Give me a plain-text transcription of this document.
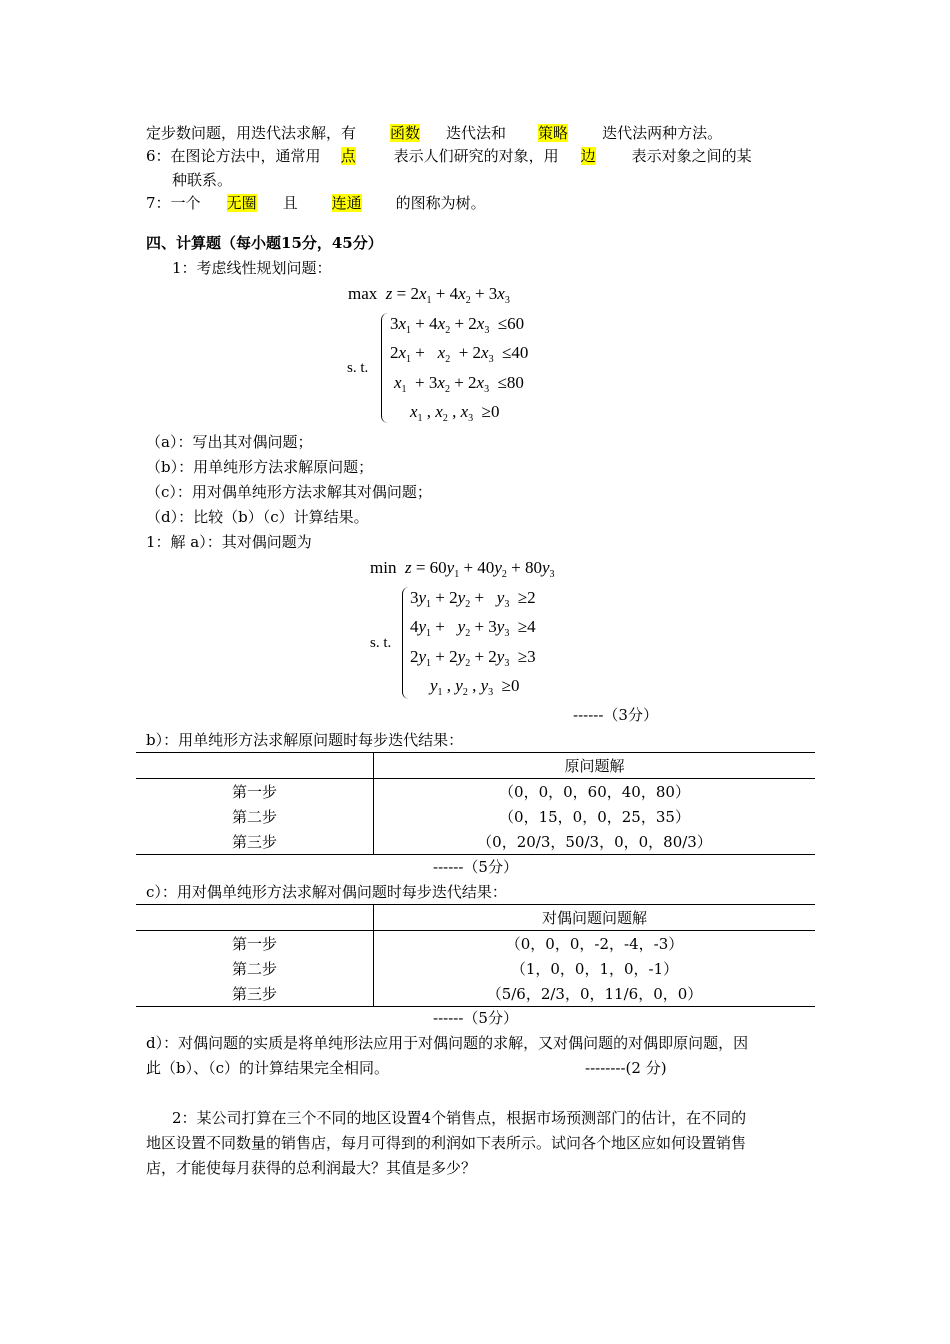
定步数问题，用迭代法求解，有 函数 迭代法和 策略 迭代法两种方法。
6：在图论方法中，通常用 点	表示人们研究的对象，用 边 表示对象之间的某
种联系。
7：一个 无圈 且 连通 的图称为树。
四、计算题（每小题15分，45分）
1：考虑线性规划问题：
$\max z = 2x_1 + 4x_2 + 3x_3$
s. t.
$3x_1 + 4x_2 + 2x_3 \le 60$
$2x_1 + x_2 + 2x_3 \le 40$
$x_1 + 3x_2 + 2x_3 \le 80$
$x_1$ , $x_2$ , $x_3 \ge 0$
（a）：写出其对偶问题；
（b）：用单纯形方法求解原问题；
（c）：用对偶单纯形方法求解其对偶问题；
（d）：比较（b）（c）计算结果。
1：解 a）：其对偶问题为
$\min z = 60y_1 + 40y_2 + 80y_3$
s. t.
$3y_1 + 2y_2 + y_3 \ge 2$
$4y_1 + y_2 + 3y_3 \ge 4$
$2y_1 + 2y_2 + 2y_3 \ge 3$
$y_1$ , $y_2$ , $y_3 \ge 0$
------（3分）
b）：用单纯形方法求解原问题时每步迭代结果：
	原问题解
第一步	（0，0，0，60，40，80）
第二步	（0，15，0，0，25，35）
第三步	（0，20/3，50/3，0，0，80/3）
------（5分）
c）：用对偶单纯形方法求解对偶问题时每步迭代结果：
	对偶问题问题解
第一步	（0，0，0，-2，-4，-3）
第二步	（1，0，0，1，0，-1）
第三步	（5/6，2/3，0，11/6，0，0）
------（5分）
d）：对偶问题的实质是将单纯形法应用于对偶问题的求解，又对偶问题的对偶即原问题，因
此（b）、（c）的计算结果完全相同。	--------(2 分)
2：某公司打算在三个不同的地区设置4个销售点，根据市场预测部门的估计，在不同的
地区设置不同数量的销售店，每月可得到的利润如下表所示。试问各个地区应如何设置销售
店，才能使每月获得的总利润最大？其值是多少？
